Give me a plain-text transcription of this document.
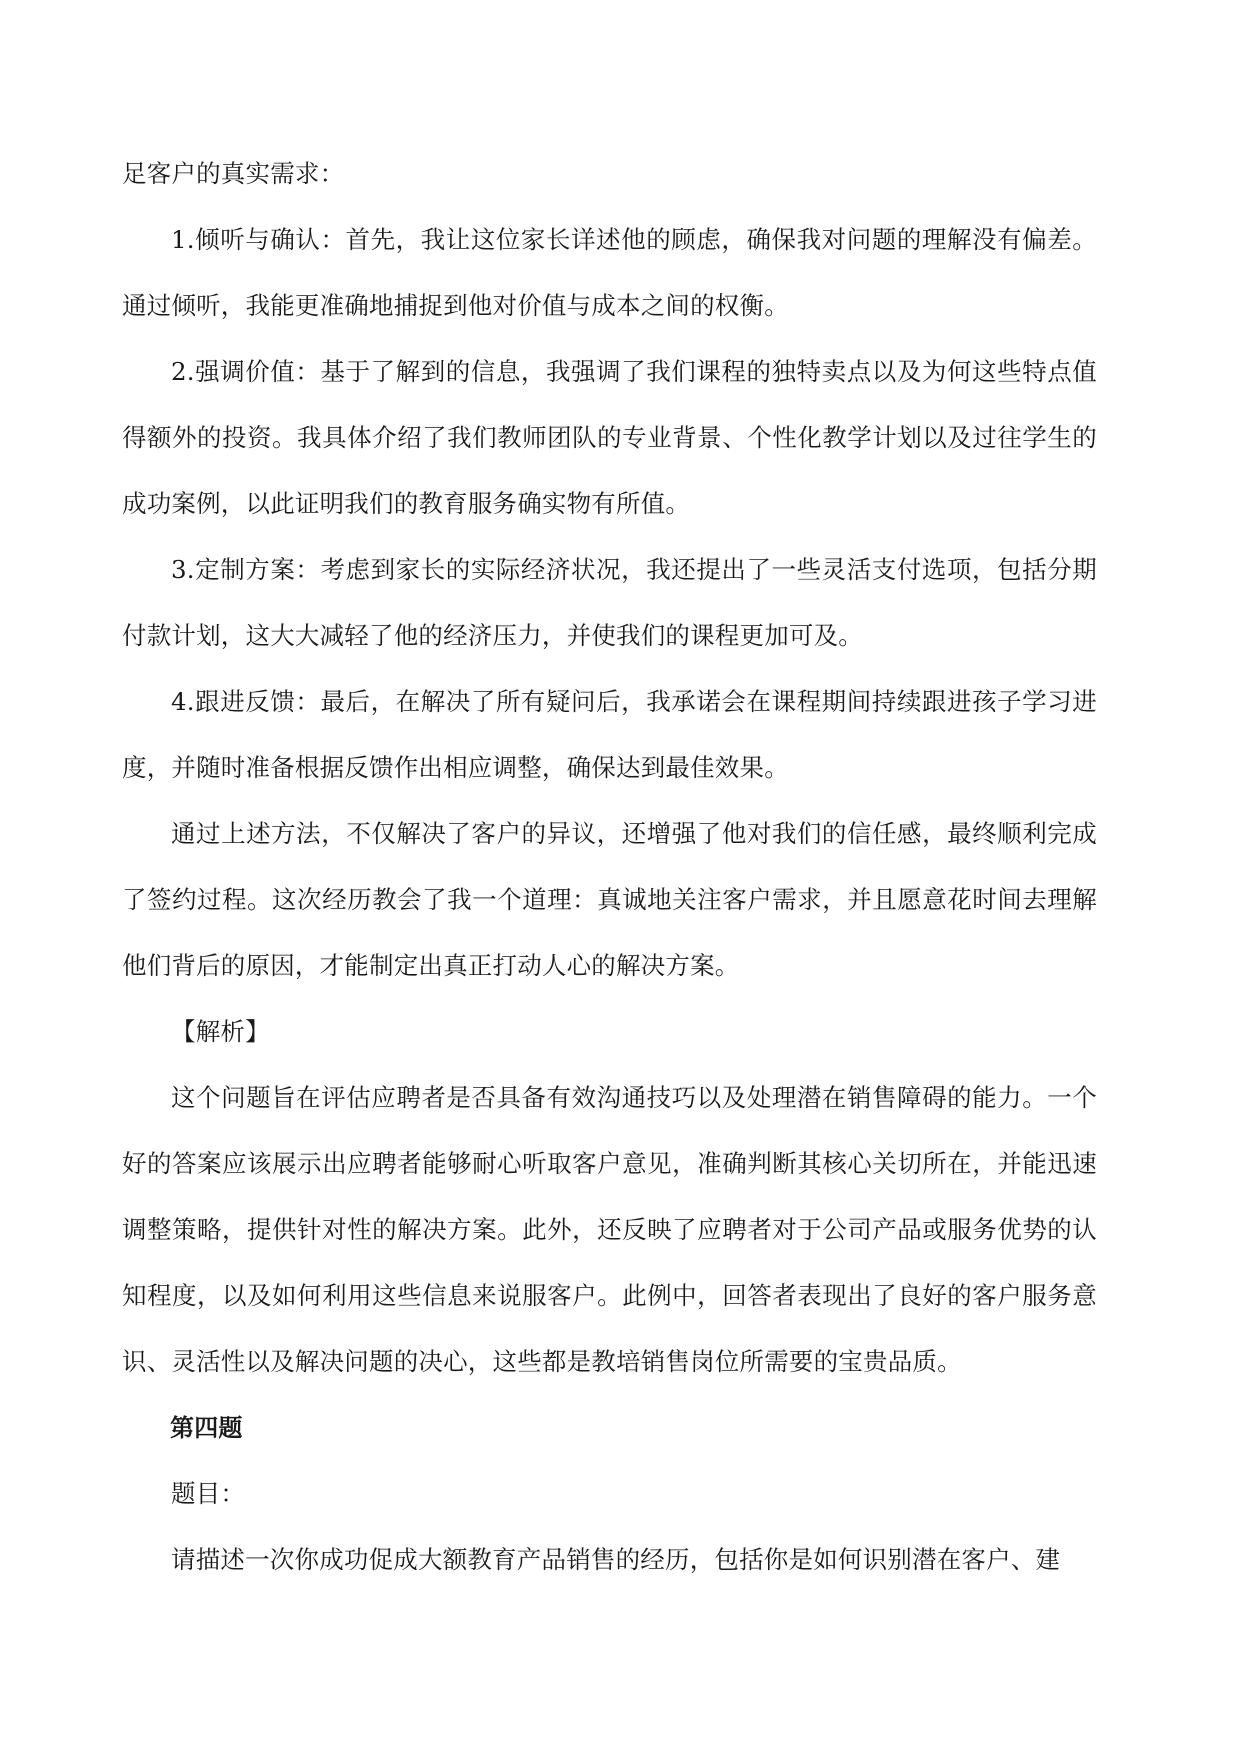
足客户的真实需求：

1.倾听与确认：首先，我让这位家长详述他的顾虑，确保我对问题的理解没有偏差。通过倾听，我能更准确地捕捉到他对价值与成本之间的权衡。

2.强调价值：基于了解到的信息，我强调了我们课程的独特卖点以及为何这些特点值得额外的投资。我具体介绍了我们教师团队的专业背景、个性化教学计划以及过往学生的成功案例，以此证明我们的教育服务确实物有所值。

3.定制方案：考虑到家长的实际经济状况，我还提出了一些灵活支付选项，包括分期付款计划，这大大减轻了他的经济压力，并使我们的课程更加可及。

4.跟进反馈：最后，在解决了所有疑问后，我承诺会在课程期间持续跟进孩子学习进度，并随时准备根据反馈作出相应调整，确保达到最佳效果。

通过上述方法，不仅解决了客户的异议，还增强了他对我们的信任感，最终顺利完成了签约过程。这次经历教会了我一个道理：真诚地关注客户需求，并且愿意花时间去理解他们背后的原因，才能制定出真正打动人心的解决方案。

【解析】

这个问题旨在评估应聘者是否具备有效沟通技巧以及处理潜在销售障碍的能力。一个好的答案应该展示出应聘者能够耐心听取客户意见，准确判断其核心关切所在，并能迅速调整策略，提供针对性的解决方案。此外，还反映了应聘者对于公司产品或服务优势的认知程度，以及如何利用这些信息来说服客户。此例中，回答者表现出了良好的客户服务意识、灵活性以及解决问题的决心，这些都是教培销售岗位所需要的宝贵品质。

第四题

题目：

请描述一次你成功促成大额教育产品销售的经历，包括你是如何识别潜在客户、建
